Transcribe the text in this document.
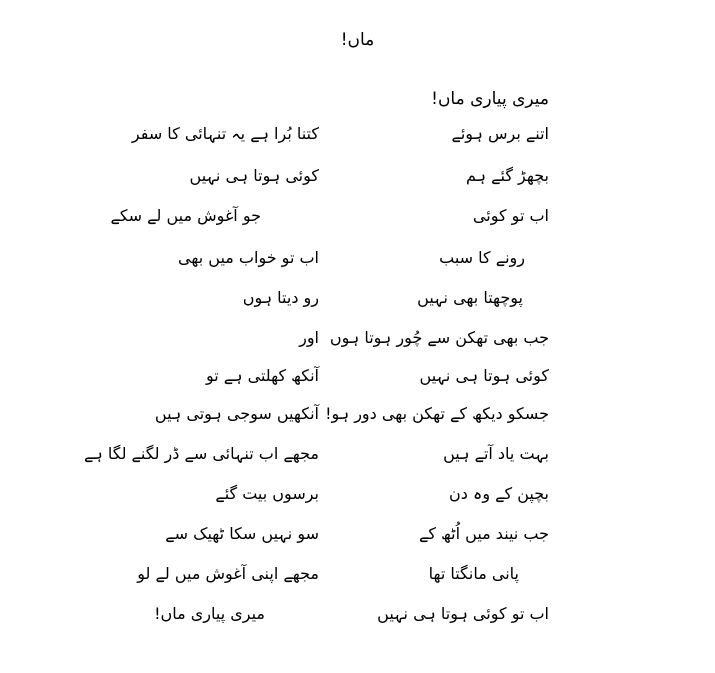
ماں!
میری پیاری ماں!
اتنے برس ہوئے
کتنا بُرا ہے یہ تنہائی کا سفر
بچھڑ گئے ہم
کوئی ہوتا ہی نہیں
اب تو کوئی
جو آغوش میں لے سکے
رونے کا سبب
اب تو خواب میں بھی
پوچھتا بھی نہیں
رو دیتا ہوں
جب بھی تھکن سے چُور ہوتا ہوں
اور
کوئی ہوتا ہی نہیں
آنکھ کھلتی ہے تو
جسکو دیکھ کے تھکن بھی دور ہو!
آنکھیں سوجی ہوتی ہیں
بہت یاد آتے ہیں
مجھے اب تنہائی سے ڈر لگنے لگا ہے
بچپن کے وہ دن
برسوں بیت گئے
جب نیند میں اُٹھ کے
سو نہیں سکا ٹھیک سے
پانی مانگتا تھا
مجھے اپنی آغوش میں لے لو
اب تو کوئی ہوتا ہی نہیں
میری پیاری ماں!
